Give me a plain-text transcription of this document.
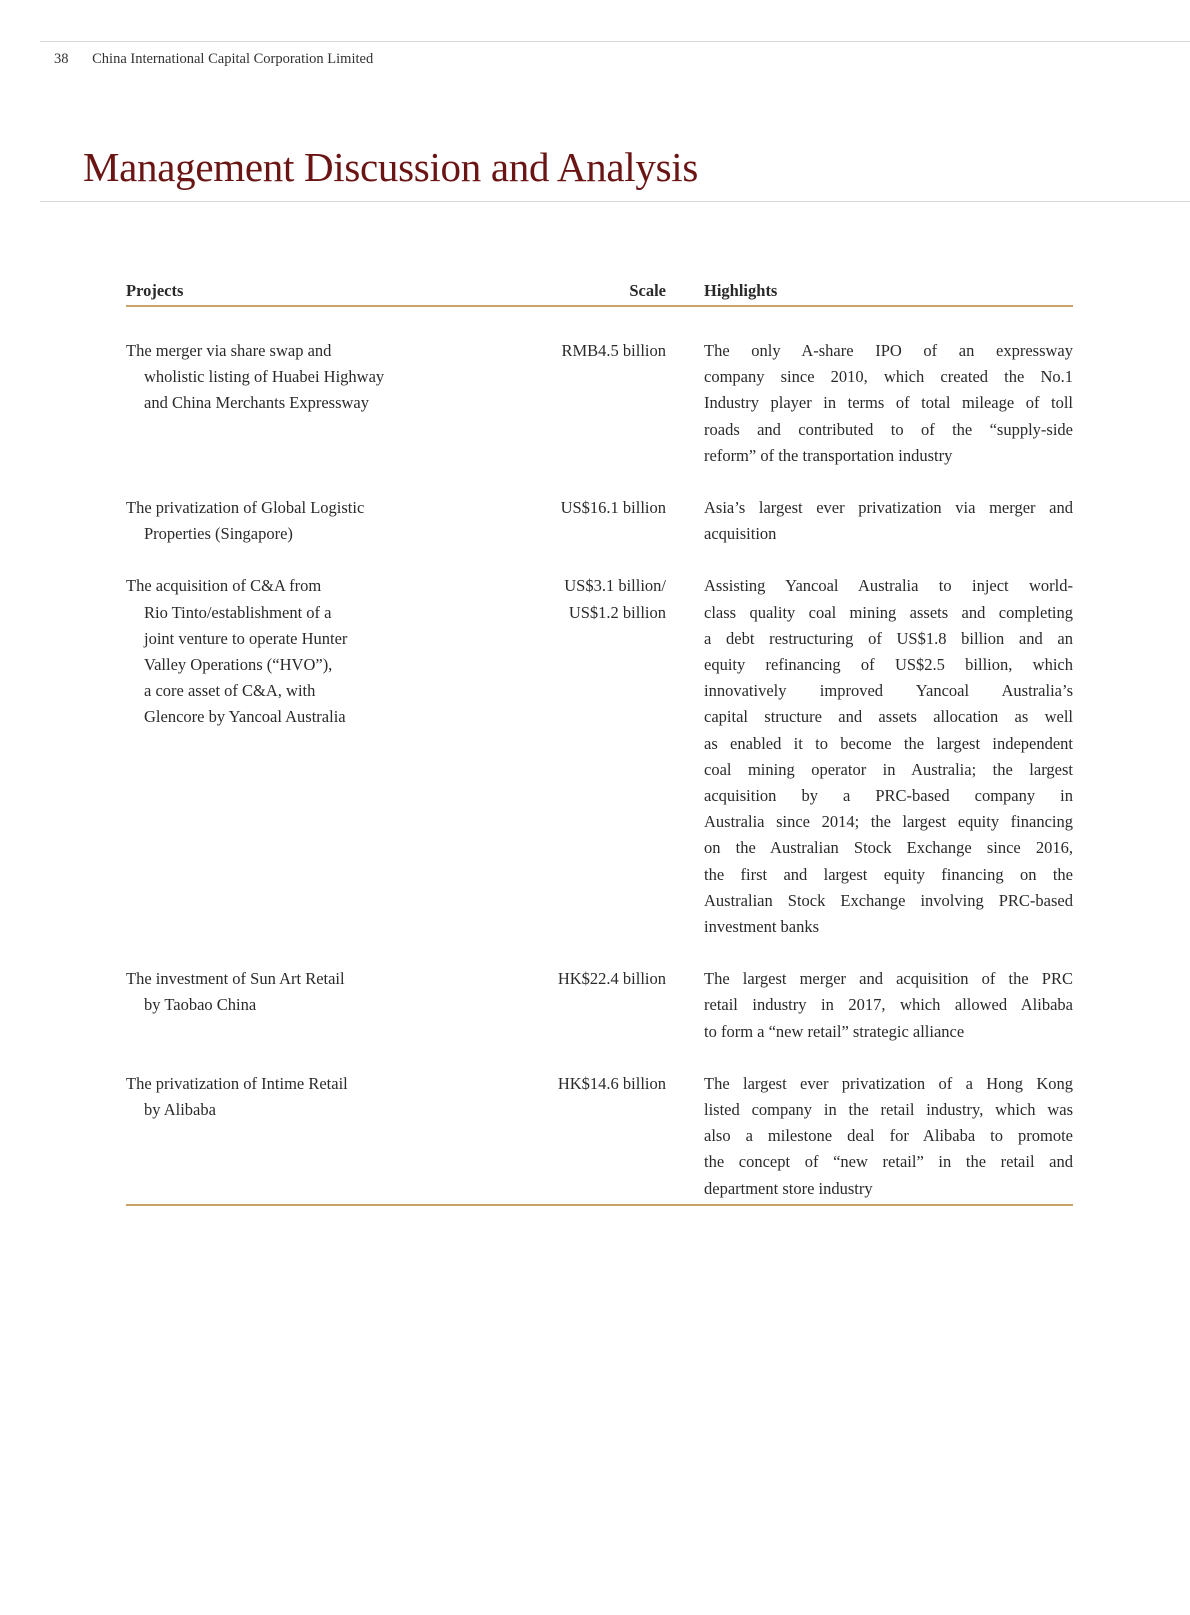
38 China International Capital Corporation Limited
Management Discussion and Analysis
Projects	Scale Highlights
The merger via share swap and
wholistic listing of Huabei Highway
and China Merchants Expressway
RMB4.5 billion The only A-share IPO of an expressway
company since 2010, which created the No.1
Industry player in terms of total mileage of toll
roads and contributed to of the “supply-side
reform” of the transportation industry
The privatization of Global Logistic
Properties (Singapore)
US$16.1 billion Asia’s largest ever privatization via merger and
acquisition
The acquisition of C&A from
Rio Tinto/establishment of a
joint venture to operate Hunter
Valley Operations (“HVO”),
a core asset of C&A, with
Glencore by Yancoal Australia
US$3.1 billion/
US$1.2 billion
Assisting Yancoal Australia to inject world-
class quality coal mining assets and completing
a debt restructuring of US$1.8 billion and an
equity refinancing of US$2.5 billion, which
innovatively improved Yancoal Australia’s
capital structure and assets allocation as well
as enabled it to become the largest independent
coal mining operator in Australia; the largest
acquisition by a PRC-based company in
Australia since 2014; the largest equity financing
on the Australian Stock Exchange since 2016,
the first and largest equity financing on the
Australian Stock Exchange involving PRC-based
investment banks
The investment of Sun Art Retail
by Taobao China
HK$22.4 billion The largest merger and acquisition of the PRC
retail industry in 2017, which allowed Alibaba
to form a “new retail” strategic alliance
The privatization of Intime Retail
by Alibaba
HK$14.6 billion The largest ever privatization of a Hong Kong
listed company in the retail industry, which was
also a milestone deal for Alibaba to promote
the concept of “new retail” in the retail and
department store industry
